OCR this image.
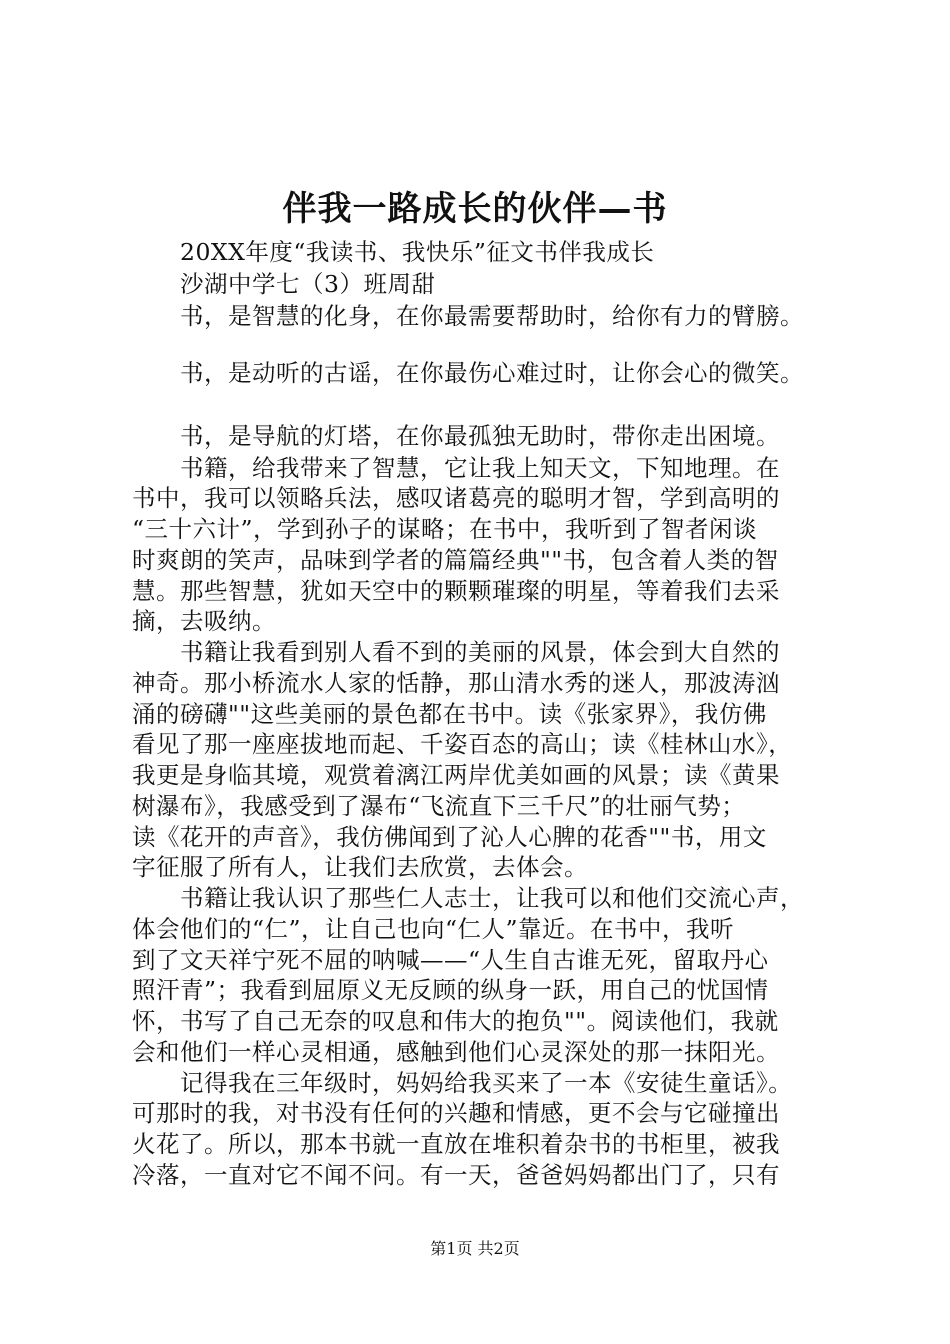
伴我一路成长的伙伴—书
　　20XX年度“我读书、我快乐”征文书伴我成长
　　沙湖中学七（3）班周甜
　　书，是智慧的化身，在你最需要帮助时，给你有力的臂膀。
　　书，是动听的古谣，在你最伤心难过时，让你会心的微笑。
　　书，是导航的灯塔，在你最孤独无助时，带你走出困境。
　　书籍，给我带来了智慧，它让我上知天文，下知地理。在
书中，我可以领略兵法，感叹诸葛亮的聪明才智，学到高明的
“三十六计”，学到孙子的谋略；在书中，我听到了智者闲谈
时爽朗的笑声，品味到学者的篇篇经典""书，包含着人类的智
慧。那些智慧，犹如天空中的颗颗璀璨的明星，等着我们去采
摘，去吸纳。
　　书籍让我看到别人看不到的美丽的风景，体会到大自然的
神奇。那小桥流水人家的恬静，那山清水秀的迷人，那波涛汹
涌的磅礴""这些美丽的景色都在书中。读《张家界》，我仿佛
看见了那一座座拔地而起、千姿百态的高山；读《桂林山水》，
我更是身临其境，观赏着漓江两岸优美如画的风景；读《黄果
树瀑布》，我感受到了瀑布“飞流直下三千尺”的壮丽气势；
读《花开的声音》，我仿佛闻到了沁人心脾的花香""书，用文
字征服了所有人，让我们去欣赏，去体会。
　　书籍让我认识了那些仁人志士，让我可以和他们交流心声，
体会他们的“仁”，让自己也向“仁人”靠近。在书中，我听
到了文天祥宁死不屈的呐喊——“人生自古谁无死，留取丹心
照汗青”；我看到屈原义无反顾的纵身一跃，用自己的忧国情
怀，书写了自己无奈的叹息和伟大的抱负""。阅读他们，我就
会和他们一样心灵相通，感触到他们心灵深处的那一抹阳光。
　　记得我在三年级时，妈妈给我买来了一本《安徒生童话》。
可那时的我，对书没有任何的兴趣和情感，更不会与它碰撞出
火花了。所以，那本书就一直放在堆积着杂书的书柜里，被我
冷落，一直对它不闻不问。有一天，爸爸妈妈都出门了，只有
第1页 共2页
